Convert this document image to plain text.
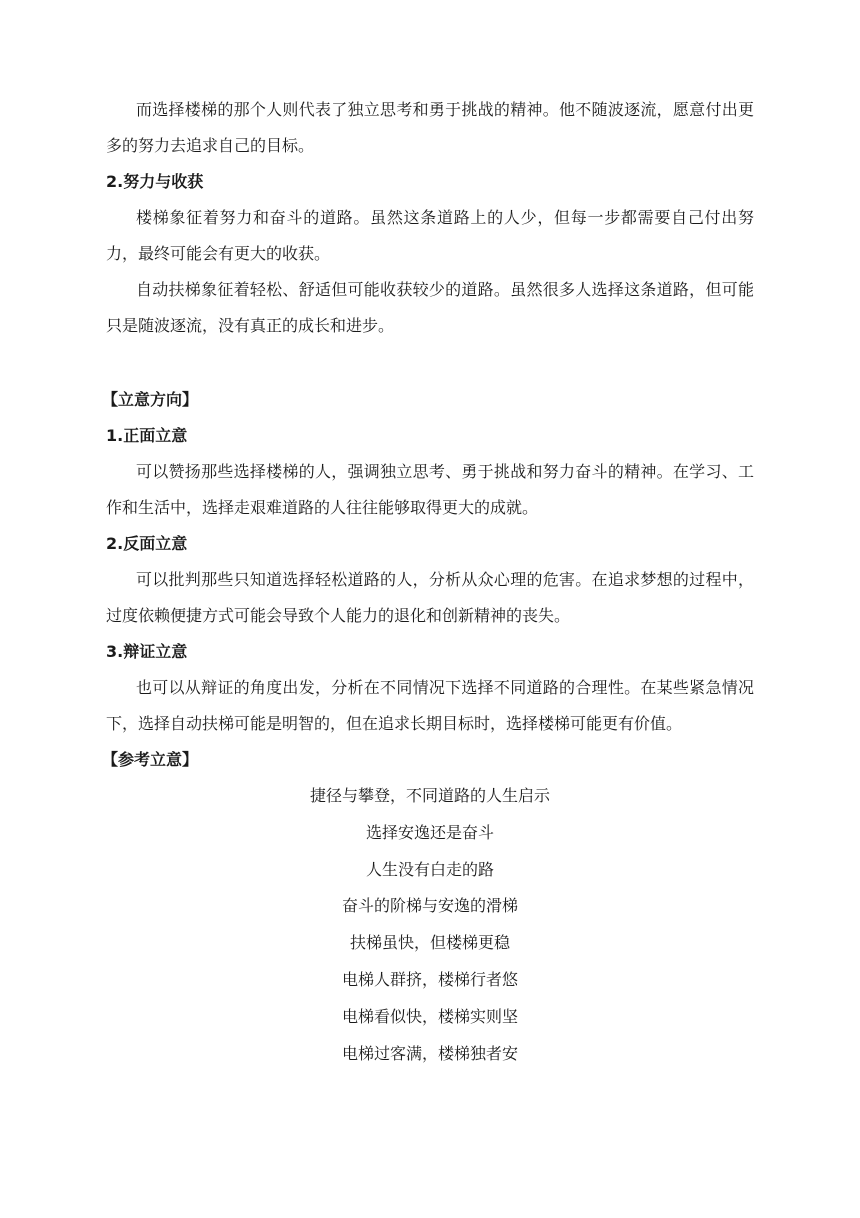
而选择楼梯的那个人则代表了独立思考和勇于挑战的精神。他不随波逐流，愿意付出更多的努力去追求自己的目标。

2.努力与收获

楼梯象征着努力和奋斗的道路。虽然这条道路上的人少，但每一步都需要自己付出努力，最终可能会有更大的收获。

自动扶梯象征着轻松、舒适但可能收获较少的道路。虽然很多人选择这条道路，但可能只是随波逐流，没有真正的成长和进步。

【立意方向】

1.正面立意

可以赞扬那些选择楼梯的人，强调独立思考、勇于挑战和努力奋斗的精神。在学习、工作和生活中，选择走艰难道路的人往往能够取得更大的成就。

2.反面立意

可以批判那些只知道选择轻松道路的人，分析从众心理的危害。在追求梦想的过程中，过度依赖便捷方式可能会导致个人能力的退化和创新精神的丧失。

3.辩证立意

也可以从辩证的角度出发，分析在不同情况下选择不同道路的合理性。在某些紧急情况下，选择自动扶梯可能是明智的，但在追求长期目标时，选择楼梯可能更有价值。

【参考立意】

捷径与攀登，不同道路的人生启示

选择安逸还是奋斗

人生没有白走的路

奋斗的阶梯与安逸的滑梯

扶梯虽快，但楼梯更稳

电梯人群挤，楼梯行者悠

电梯看似快，楼梯实则坚

电梯过客满，楼梯独者安
